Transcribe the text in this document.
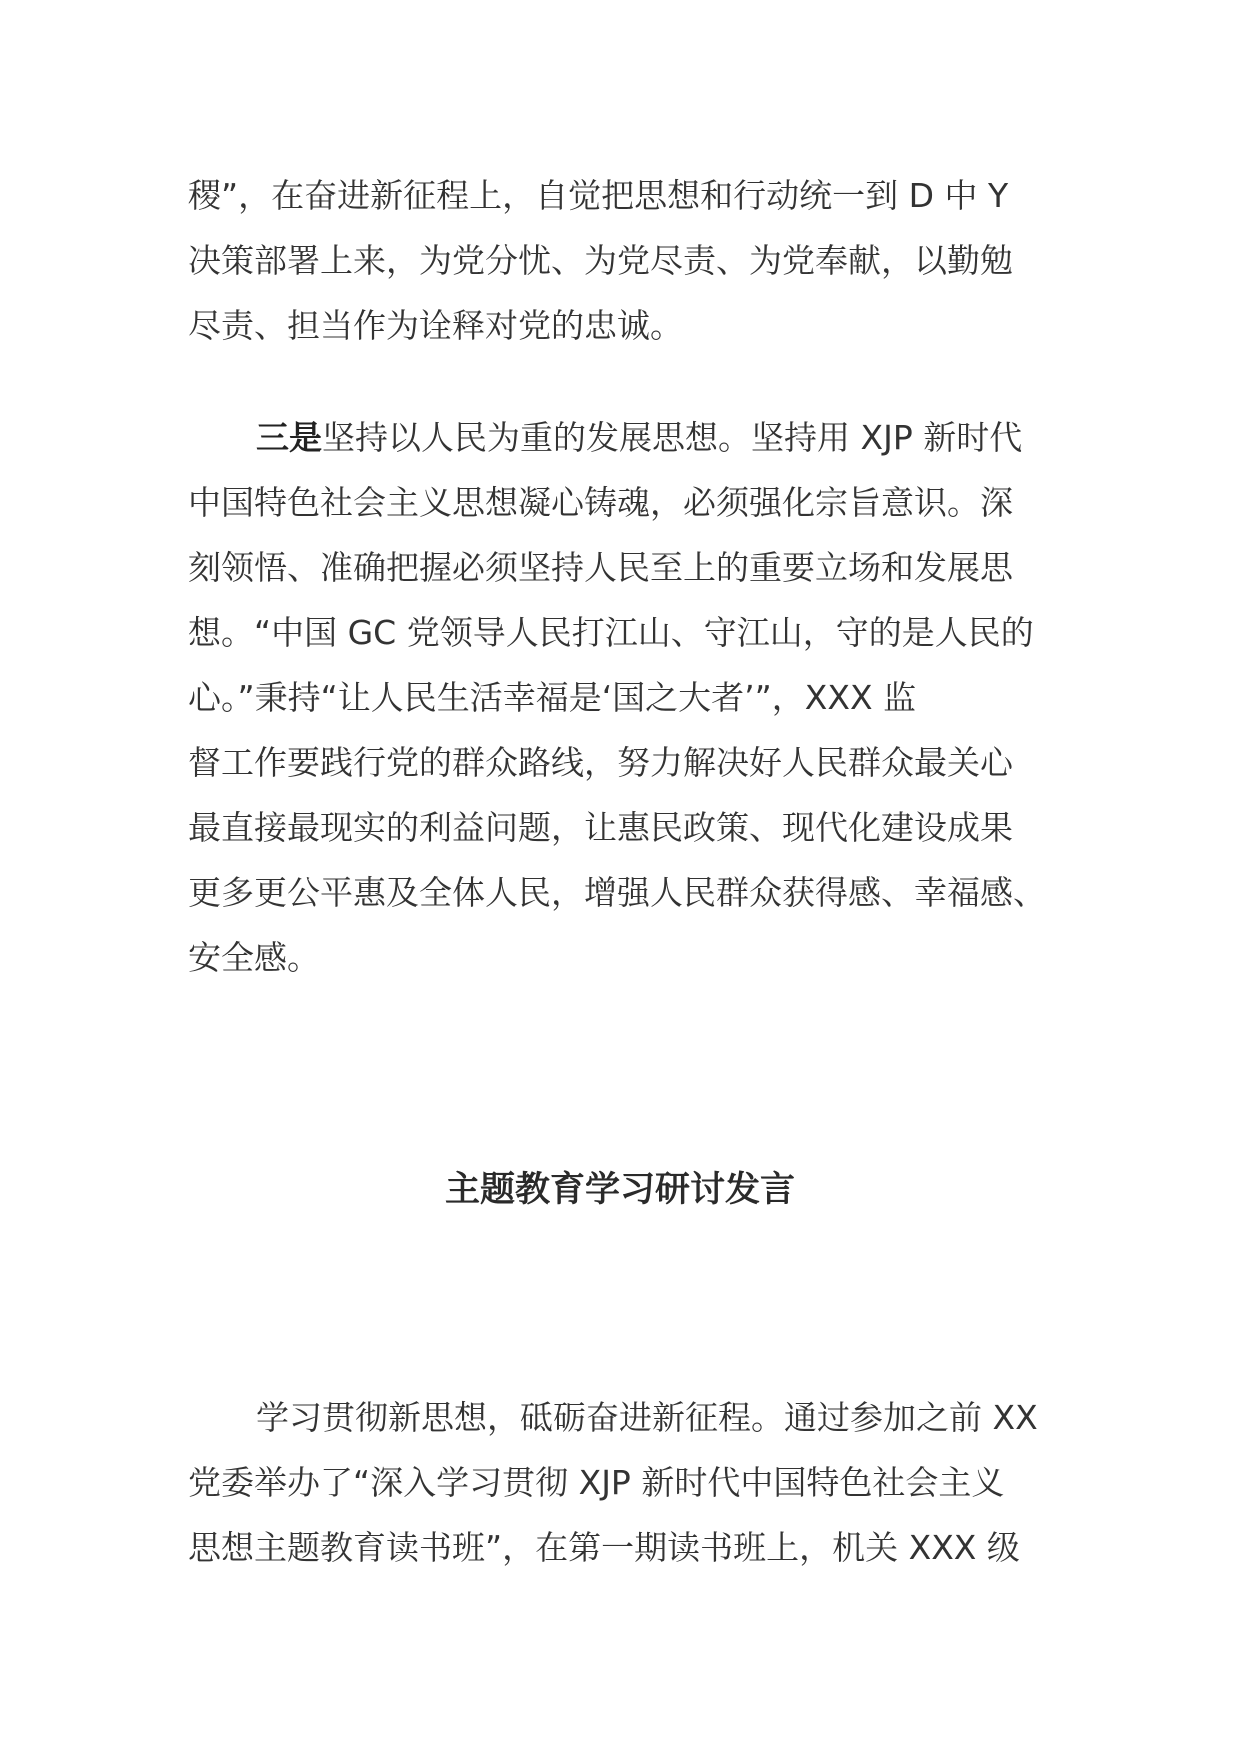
稷”，在奋进新征程上，自觉把思想和行动统一到 D 中 Y
决策部署上来，为党分忧、为党尽责、为党奉献，以勤勉
尽责、担当作为诠释对党的忠诚。
三是坚持以人民为重的发展思想。坚持用 XJP 新时代
中国特色社会主义思想凝心铸魂，必须强化宗旨意识。深
刻领悟、准确把握必须坚持人民至上的重要立场和发展思
想。“中国 GC 党领导人民打江山、守江山，守的是人民的
心。”秉持“让人民生活幸福是‘国之大者’”，XXX 监
督工作要践行党的群众路线，努力解决好人民群众最关心
最直接最现实的利益问题，让惠民政策、现代化建设成果
更多更公平惠及全体人民，增强人民群众获得感、幸福感、
安全感。
主题教育学习研讨发言
学习贯彻新思想，砥砺奋进新征程。通过参加之前 XX
党委举办了“深入学习贯彻 XJP 新时代中国特色社会主义
思想主题教育读书班”，在第一期读书班上，机关 XXX 级
